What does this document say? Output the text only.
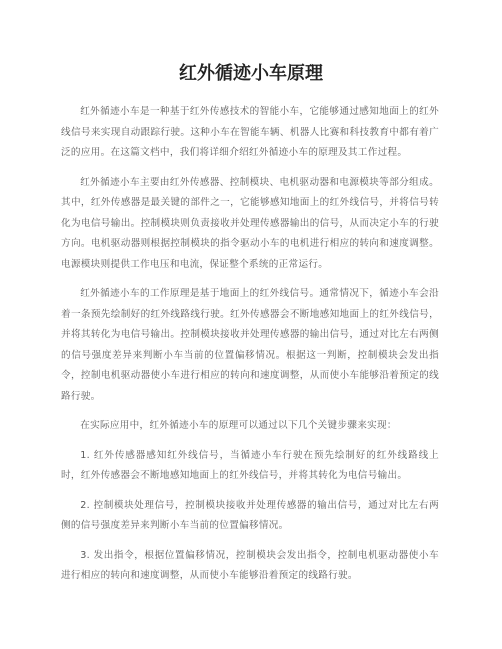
红外循迹小车原理

红外循迹小车是一种基于红外传感技术的智能小车，它能够通过感知地面上的红外线信号来实现自动跟踪行驶。这种小车在智能车辆、机器人比赛和科技教育中都有着广泛的应用。在这篇文档中，我们将详细介绍红外循迹小车的原理及其工作过程。

红外循迹小车主要由红外传感器、控制模块、电机驱动器和电源模块等部分组成。其中，红外传感器是最关键的部件之一，它能够感知地面上的红外线信号，并将信号转化为电信号输出。控制模块则负责接收并处理传感器输出的信号，从而决定小车的行驶方向。电机驱动器则根据控制模块的指令驱动小车的电机进行相应的转向和速度调整。电源模块则提供工作电压和电流，保证整个系统的正常运行。

红外循迹小车的工作原理是基于地面上的红外线信号。通常情况下，循迹小车会沿着一条预先绘制好的红外线路线行驶。红外传感器会不断地感知地面上的红外线信号，并将其转化为电信号输出。控制模块接收并处理传感器的输出信号，通过对比左右两侧的信号强度差异来判断小车当前的位置偏移情况。根据这一判断，控制模块会发出指令，控制电机驱动器使小车进行相应的转向和速度调整，从而使小车能够沿着预定的线路行驶。

在实际应用中，红外循迹小车的原理可以通过以下几个关键步骤来实现：

1. 红外传感器感知红外线信号，当循迹小车行驶在预先绘制好的红外线路线上时，红外传感器会不断地感知地面上的红外线信号，并将其转化为电信号输出。

2. 控制模块处理信号，控制模块接收并处理传感器的输出信号，通过对比左右两侧的信号强度差异来判断小车当前的位置偏移情况。

3. 发出指令，根据位置偏移情况，控制模块会发出指令，控制电机驱动器使小车进行相应的转向和速度调整，从而使小车能够沿着预定的线路行驶。
